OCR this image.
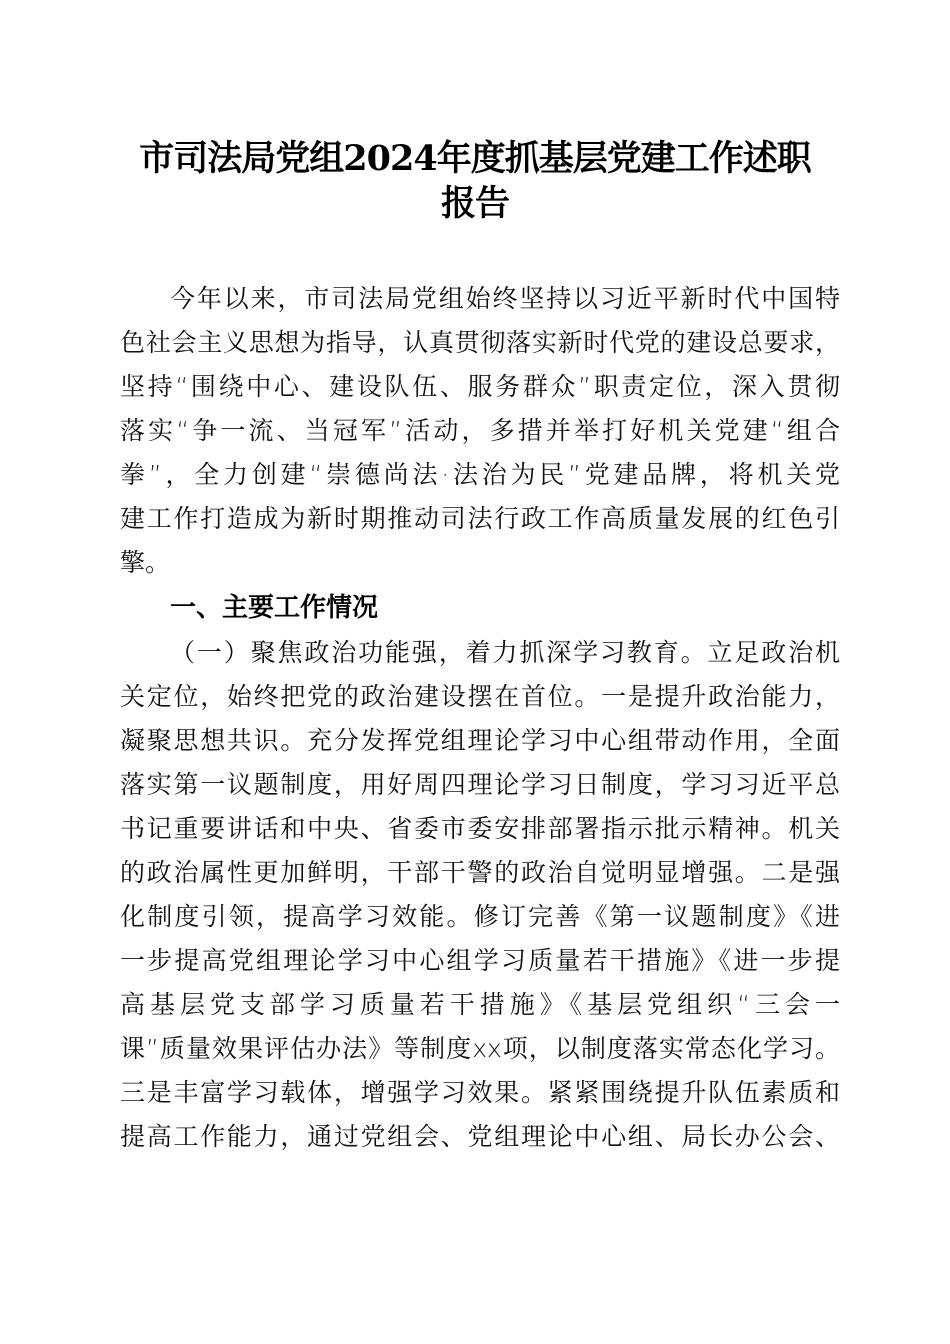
市司法局党组2024年度抓基层党建工作述职
报告
今年以来，市司法局党组始终坚持以习近平新时代中国特
色社会主义思想为指导，认真贯彻落实新时代党的建设总要求，
坚持“围绕中心、建设队伍、服务群众”职责定位，深入贯彻
落实“争一流、当冠军”活动，多措并举打好机关党建“组合
拳”，全力创建“崇德尚法·法治为民”党建品牌，将机关党
建工作打造成为新时期推动司法行政工作高质量发展的红色引
擎。
一、主要工作情况
（一）聚焦政治功能强，着力抓深学习教育。立足政治机
关定位，始终把党的政治建设摆在首位。一是提升政治能力，
凝聚思想共识。充分发挥党组理论学习中心组带动作用，全面
落实第一议题制度，用好周四理论学习日制度，学习习近平总
书记重要讲话和中央、省委市委安排部署指示批示精神。机关
的政治属性更加鲜明，干部干警的政治自觉明显增强。二是强
化制度引领，提高学习效能。修订完善《第一议题制度》《进
一步提高党组理论学习中心组学习质量若干措施》《进一步提
高基层党支部学习质量若干措施》《基层党组织“三会一
课”质量效果评估办法》等制度xx项，以制度落实常态化学习。
三是丰富学习载体，增强学习效果。紧紧围绕提升队伍素质和
提高工作能力，通过党组会、党组理论中心组、局长办公会、
